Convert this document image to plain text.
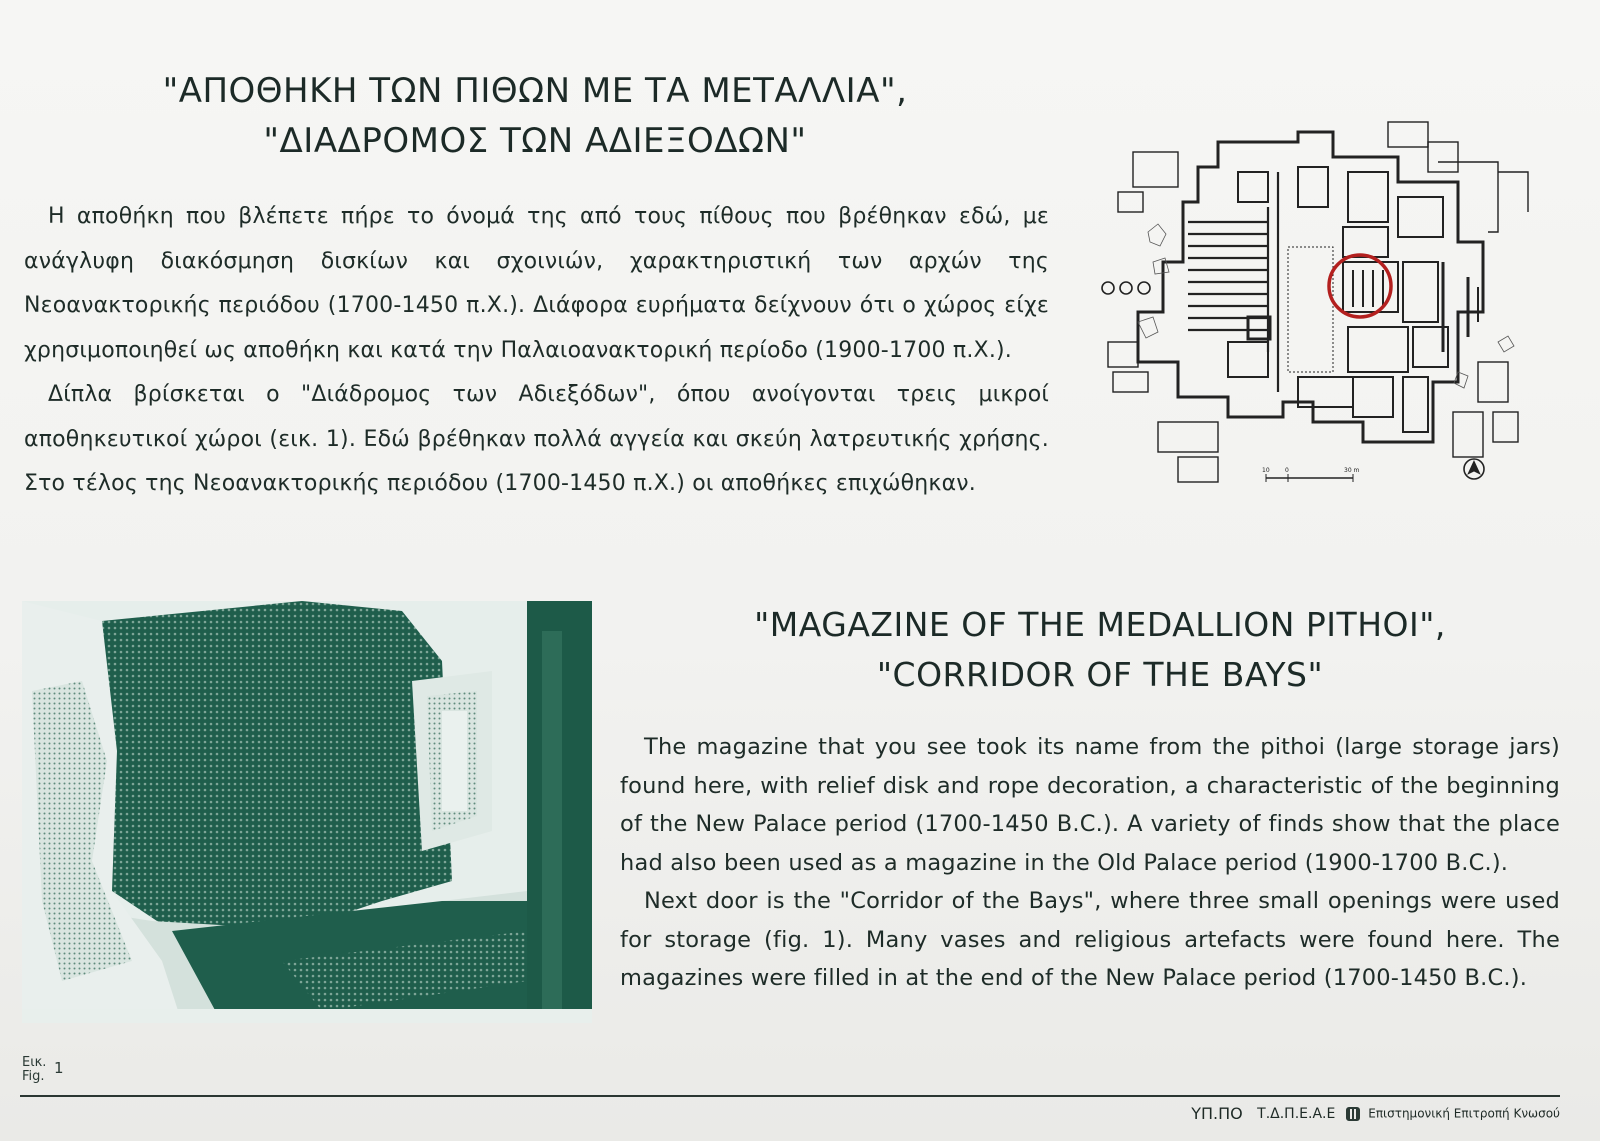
"ΑΠΟΘΗΚΗ ΤΩΝ ΠΙΘΩΝ ΜΕ ΤΑ ΜΕΤΑΛΛΙΑ",
"ΔΙΑΔΡΟΜΟΣ ΤΩΝ ΑΔΙΕΞΟΔΩΝ"

Η αποθήκη που βλέπετε πήρε το όνομά της από τους πίθους που βρέθηκαν εδώ, με ανάγλυφη διακόσμηση δισκίων και σχοινιών, χαρακτηριστική των αρχών της Νεοανακτορικής περιόδου (1700-1450 π.Χ.). Διάφορα ευρήματα δείχνουν ότι ο χώρος είχε χρησιμοποιηθεί ως αποθήκη και κατά την Παλαιοανακτορική περίοδο (1900-1700 π.Χ.).

Δίπλα βρίσκεται ο "Διάδρομος των Αδιεξόδων", όπου ανοίγονται τρεις μικροί αποθηκευτικοί χώροι (εικ. 1). Εδώ βρέθηκαν πολλά αγγεία και σκεύη λατρευτικής χρήσης. Στο τέλος της Νεοανακτορικής περιόδου (1700-1450 π.Χ.) οι αποθήκες επιχώθηκαν.

10	0	30 m
Εικ.
Fig. 1
"MAGAZINE OF THE MEDALLION PITHOI",
"CORRIDOR OF THE BAYS"

The magazine that you see took its name from the pithoi (large storage jars) found here, with relief disk and rope decoration, a characteristic of the beginning of the New Palace period (1700-1450 B.C.). A variety of finds show that the place had also been used as a magazine in the Old Palace period (1900-1700 B.C.).

Next door is the "Corridor of the Bays", where three small openings were used for storage (fig. 1). Many vases and religious artefacts were found here. The magazines were filled in at the end of the New Palace period (1700-1450 B.C.).

ΥΠ.ΠΟ Τ.Δ.Π.Ε.Α.Ε	Επιστημονική Επιτροπή Κνωσού
